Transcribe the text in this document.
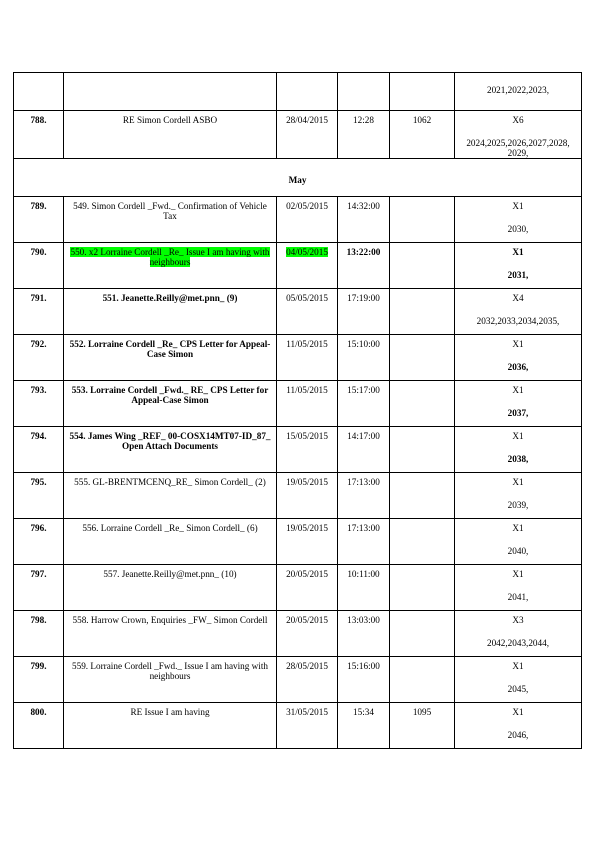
					2021,2022,2023,

788.	RE Simon Cordell ASBO	28/04/2015	12:28	1062	X6
2024,2025,2026,2027,2028, 2029,

May					
789.	549. Simon Cordell _Fwd._ Confirmation of Vehicle Tax	02/05/2015	14:32:00		X1
2030,

790.	550. x2 Lorraine Cordell _Re_ Issue I am having with neighbours	04/05/2015	13:22:00		X1
2031,

791.	551. Jeanette.Reilly@met.pnn_ (9)	05/05/2015	17:19:00		X4
2032,2033,2034,2035,

792.	552. Lorraine Cordell _Re_ CPS Letter for Appeal-Case Simon	11/05/2015	15:10:00		X1
2036,

793.	553. Lorraine Cordell _Fwd._ RE_ CPS Letter for Appeal-Case Simon	11/05/2015	15:17:00		X1
2037,

794.	554. James Wing _REF_ 00-COSX14MT07-ID_87_ Open Attach Documents	15/05/2015	14:17:00		X1
2038,

795.	555. GL-BRENTMCENQ_RE_ Simon Cordell_ (2)	19/05/2015	17:13:00		X1
2039,

796.	556. Lorraine Cordell _Re_ Simon Cordell_ (6)	19/05/2015	17:13:00		X1
2040,

797.	557. Jeanette.Reilly@met.pnn_ (10)	20/05/2015	10:11:00		X1
2041,

798.	558. Harrow Crown, Enquiries _FW_ Simon Cordell	20/05/2015	13:03:00		X3
2042,2043,2044,

799.	559. Lorraine Cordell _Fwd._ Issue I am having with neighbours	28/05/2015	15:16:00		X1
2045,

800.	RE Issue I am having	31/05/2015	15:34	1095	X1
2046,
